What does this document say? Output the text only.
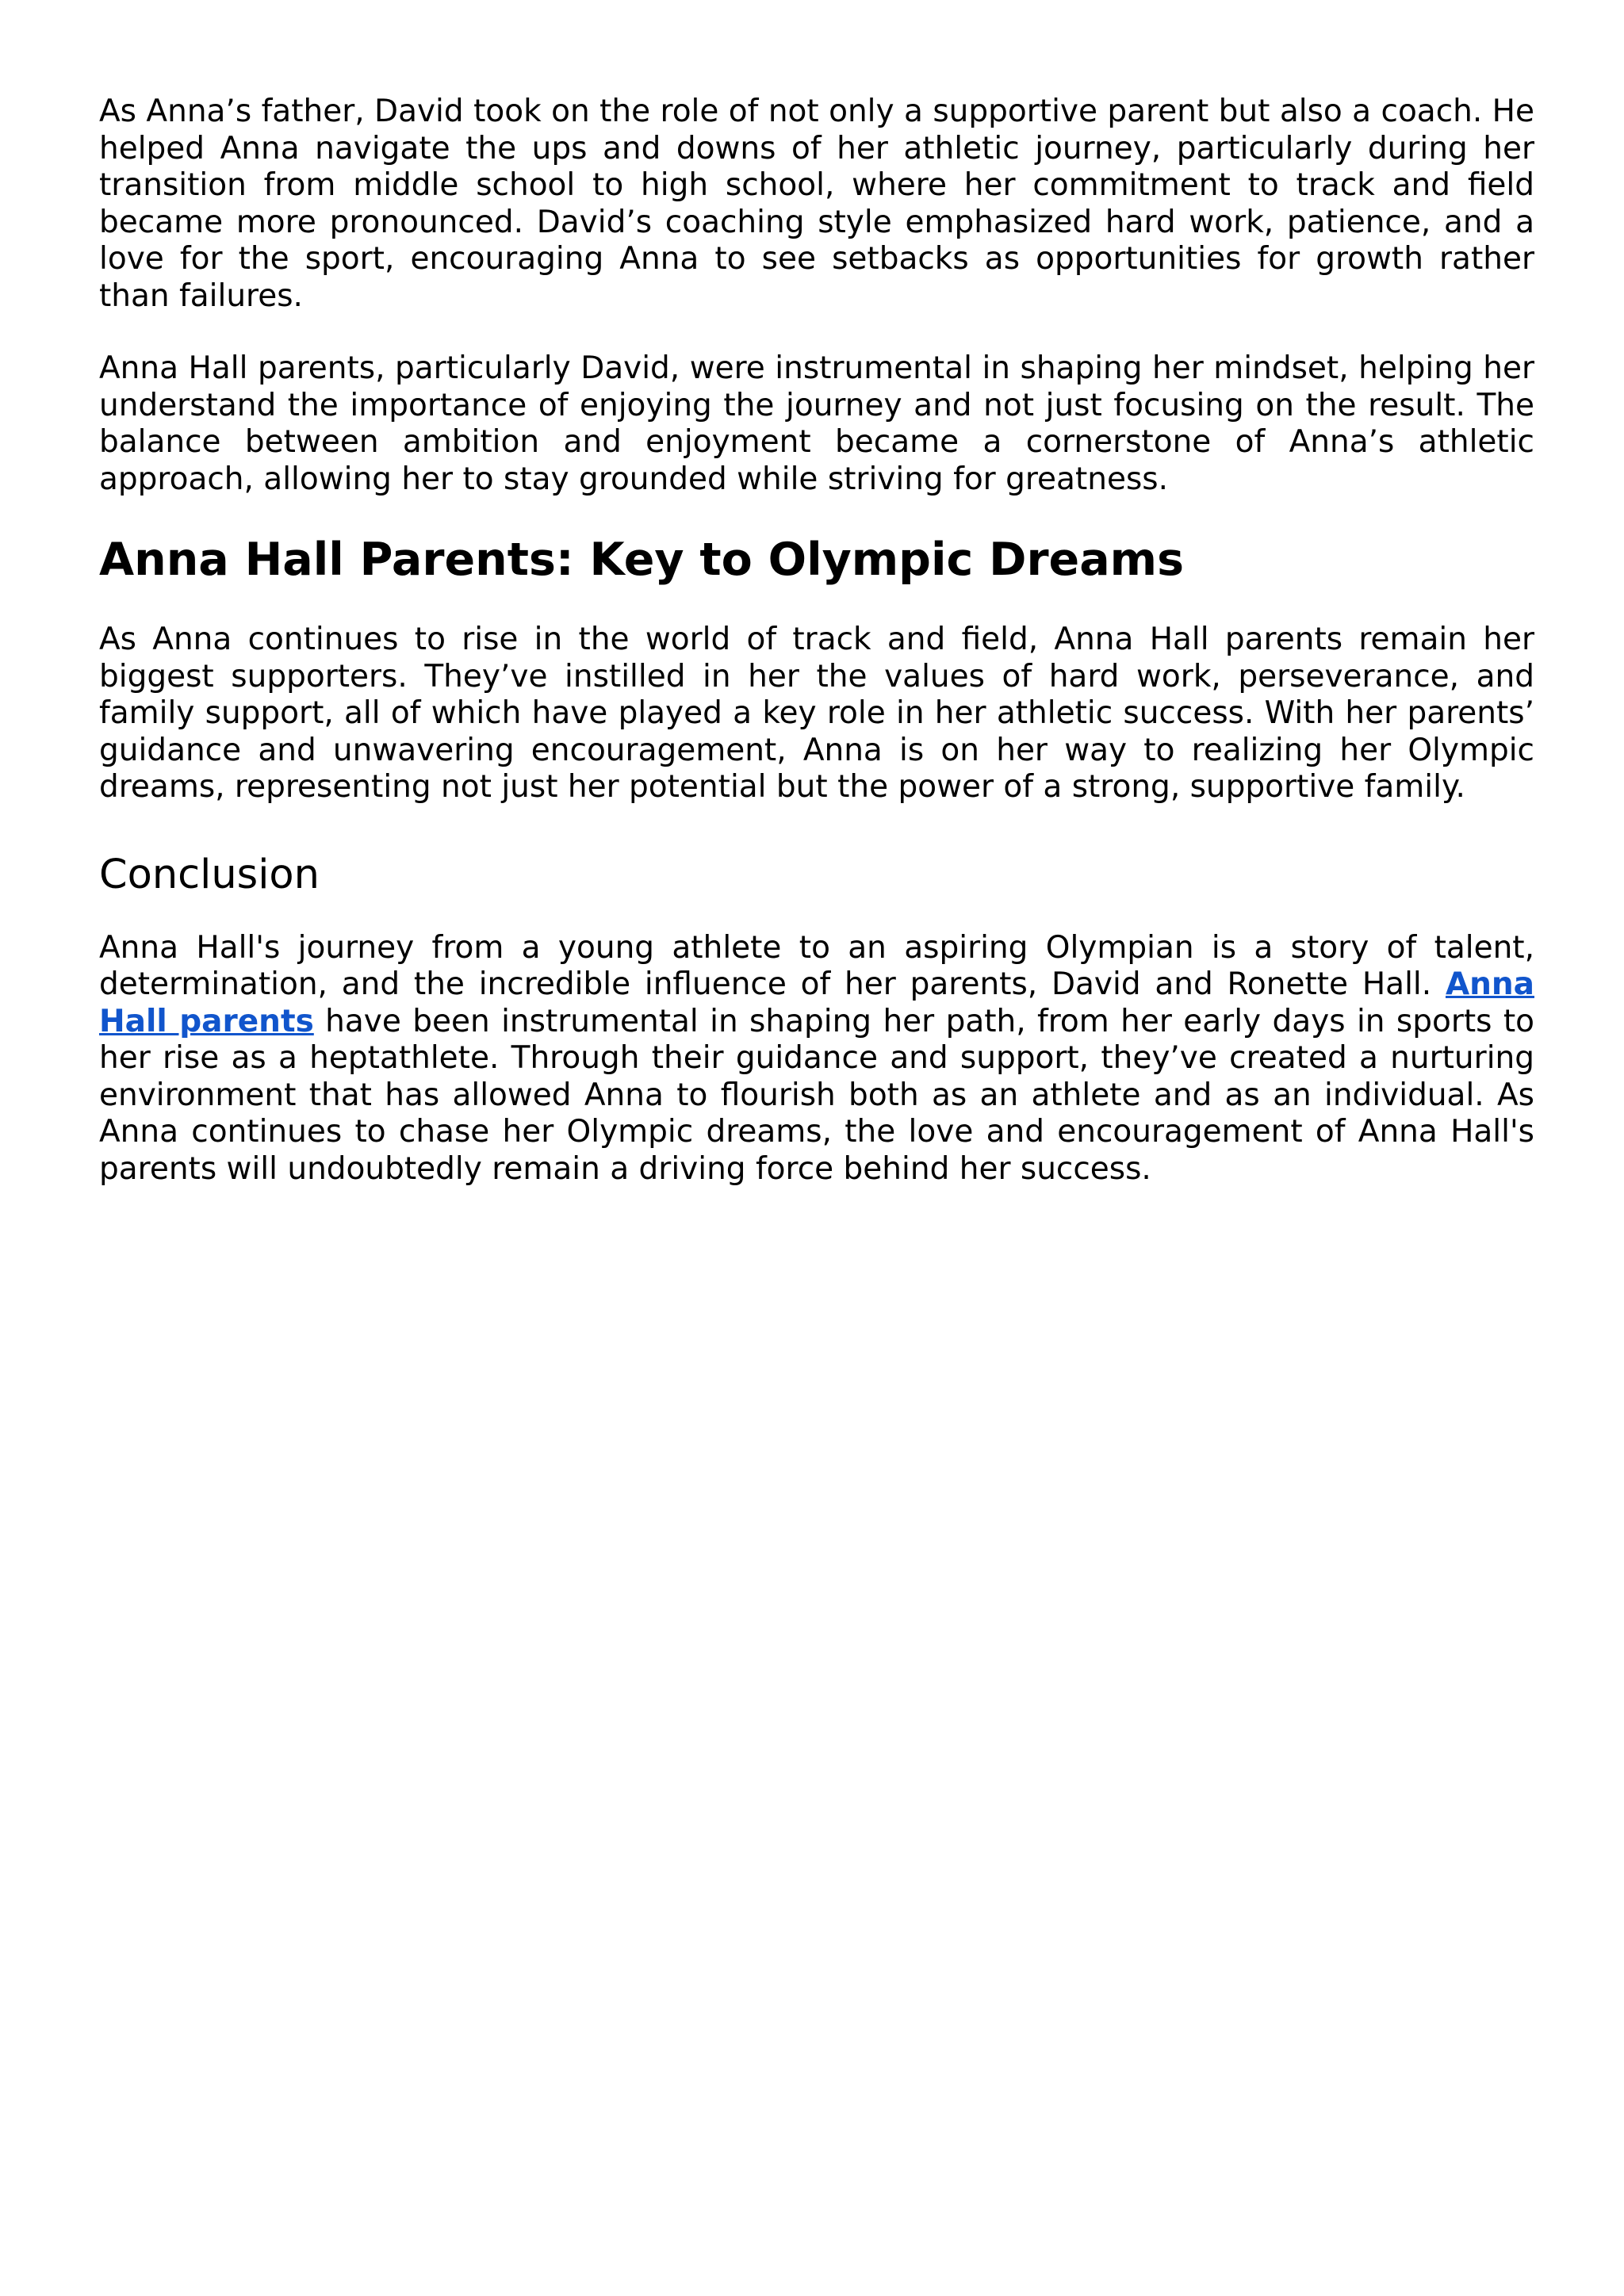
As Anna’s father, David took on the role of not only a supportive parent but also a coach. He helped Anna navigate the ups and downs of her athletic journey, particularly during her transition from middle school to high school, where her commitment to track and field became more pronounced. David’s coaching style emphasized hard work, patience, and a love for the sport, encouraging Anna to see setbacks as opportunities for growth rather than failures.

Anna Hall parents, particularly David, were instrumental in shaping her mindset, helping her understand the importance of enjoying the journey and not just focusing on the result. The balance between ambition and enjoyment became a cornerstone of Anna’s athletic approach, allowing her to stay grounded while striving for greatness.

Anna Hall Parents: Key to Olympic Dreams

As Anna continues to rise in the world of track and field, Anna Hall parents remain her biggest supporters. They’ve instilled in her the values of hard work, perseverance, and family support, all of which have played a key role in her athletic success. With her parents’ guidance and unwavering encouragement, Anna is on her way to realizing her Olympic dreams, representing not just her potential but the power of a strong, supportive family.

Conclusion

Anna Hall's journey from a young athlete to an aspiring Olympian is a story of talent, determination, and the incredible influence of her parents, David and Ronette Hall. Anna Hall parents have been instrumental in shaping her path, from her early days in sports to her rise as a heptathlete. Through their guidance and support, they’ve created a nurturing environment that has allowed Anna to flourish both as an athlete and as an individual. As Anna continues to chase her Olympic dreams, the love and encouragement of Anna Hall's parents will undoubtedly remain a driving force behind her success.
